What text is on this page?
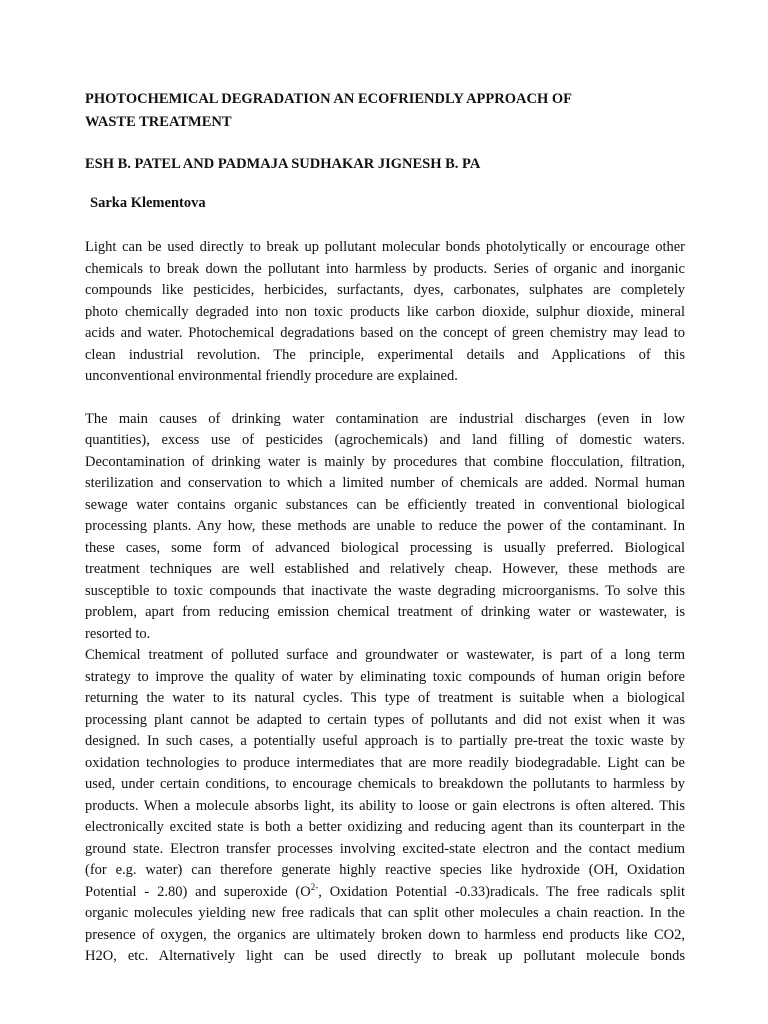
PHOTOCHEMICAL DEGRADATION AN ECOFRIENDLY APPROACH OF
WASTE TREATMENT

ESH B. PATEL AND PADMAJA SUDHAKAR JIGNESH B. PA

Sarka Klementova

Light can be used directly to break up pollutant molecular bonds photolytically or encourage other
chemicals to break down the pollutant into harmless by products. Series of organic and inorganic
compounds like pesticides, herbicides, surfactants, dyes, carbonates, sulphates are completely
photo chemically degraded into non toxic products like carbon dioxide, sulphur dioxide, mineral
acids and water. Photochemical degradations based on the concept of green chemistry may lead to
clean industrial revolution. The principle, experimental details and Applications of this
unconventional environmental friendly procedure are explained.
The main causes of drinking water contamination are industrial discharges (even in low
quantities), excess use of pesticides (agrochemicals) and land filling of domestic waters.
Decontamination of drinking water is mainly by procedures that combine flocculation, filtration,
sterilization and conservation to which a limited number of chemicals are added. Normal human
sewage water contains organic substances can be efficiently treated in conventional biological
processing plants. Any how, these methods are unable to reduce the power of the contaminant. In
these cases, some form of advanced biological processing is usually preferred. Biological
treatment techniques are well established and relatively cheap. However, these methods are
susceptible to toxic compounds that inactivate the waste degrading microorganisms. To solve this
problem, apart from reducing emission chemical treatment of drinking water or wastewater, is
resorted to.
Chemical treatment of polluted surface and groundwater or wastewater, is part of a long term
strategy to improve the quality of water by eliminating toxic compounds of human origin before
returning the water to its natural cycles. This type of treatment is suitable when a biological
processing plant cannot be adapted to certain types of pollutants and did not exist when it was
designed. In such cases, a potentially useful approach is to partially pre-treat the toxic waste by
oxidation technologies to produce intermediates that are more readily biodegradable. Light can be
used, under certain conditions, to encourage chemicals to breakdown the pollutants to harmless by
products. When a molecule absorbs light, its ability to loose or gain electrons is often altered. This
electronically excited state is both a better oxidizing and reducing agent than its counterpart in the
ground state. Electron transfer processes involving excited-state electron and the contact medium
(for e.g. water) can therefore generate highly reactive species like hydroxide (OH, Oxidation
Potential - 2.80) and superoxide ($O^{2-}$, Oxidation Potential -0.33)radicals. The free radicals split
organic molecules yielding new free radicals that can split other molecules a chain reaction. In the
presence of oxygen, the organics are ultimately broken down to harmless end products like CO2,
H2O, etc. Alternatively light can be used directly to break up pollutant molecule bonds
